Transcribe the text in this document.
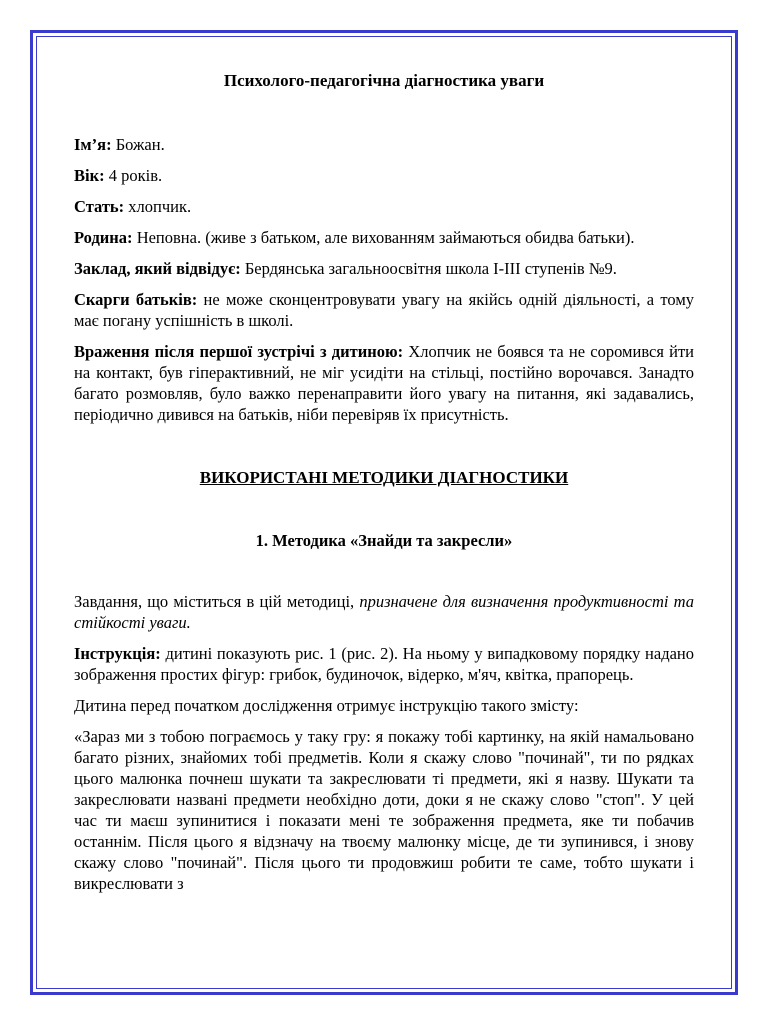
Психолого-педагогічна діагностика уваги

Ім’я: Божан.

Вік: 4 років.

Стать: хлопчик.

Родина: Неповна. (живе з батьком, але вихованням займаються обидва батьки).

Заклад, який відвідує: Бердянська загальноосвітня школа І-ІІІ ступенів №9.

Скарги батьків: не може сконцентровувати увагу на якійсь одній діяльності, а тому має погану успішність в школі.

Враження після першої зустрічі з дитиною: Хлопчик не боявся та не соромився йти на контакт, був гіперактивний, не міг усидіти на стільці, постійно ворочався. Занадто багато розмовляв, було важко перенаправити його увагу на питання, які задавались, періодично дивився на батьків, ніби перевіряв їх присутність.

ВИКОРИСТАНІ МЕТОДИКИ ДІАГНОСТИКИ

1. Методика «Знайди та закресли»

Завдання, що міститься в цій методиці, призначене для визначення продуктивності та стійкості уваги.

Інструкція: дитині показують рис. 1 (рис. 2). На ньому у випадковому порядку надано зображення простих фігур: грибок, будиночок, відерко, м'яч, квітка, прапорець.

Дитина перед початком дослідження отримує інструкцію такого змісту:

«Зараз ми з тобою пограємось у таку гру: я покажу тобі картинку, на якій намальовано багато різних, знайомих тобі предметів. Коли я скажу слово "починай", ти по рядках цього малюнка почнеш шукати та закреслювати ті предмети, які я назву. Шукати та закреслювати названі предмети необхідно доти, доки я не скажу слово "стоп". У цей час ти маєш зупинитися і показати мені те зображення предмета, яке ти побачив останнім. Після цього я відзначу на твоєму малюнку місце, де ти зупинився, і знову скажу слово "починай". Після цього ти продовжиш робити те саме, тобто шукати і викреслювати з
